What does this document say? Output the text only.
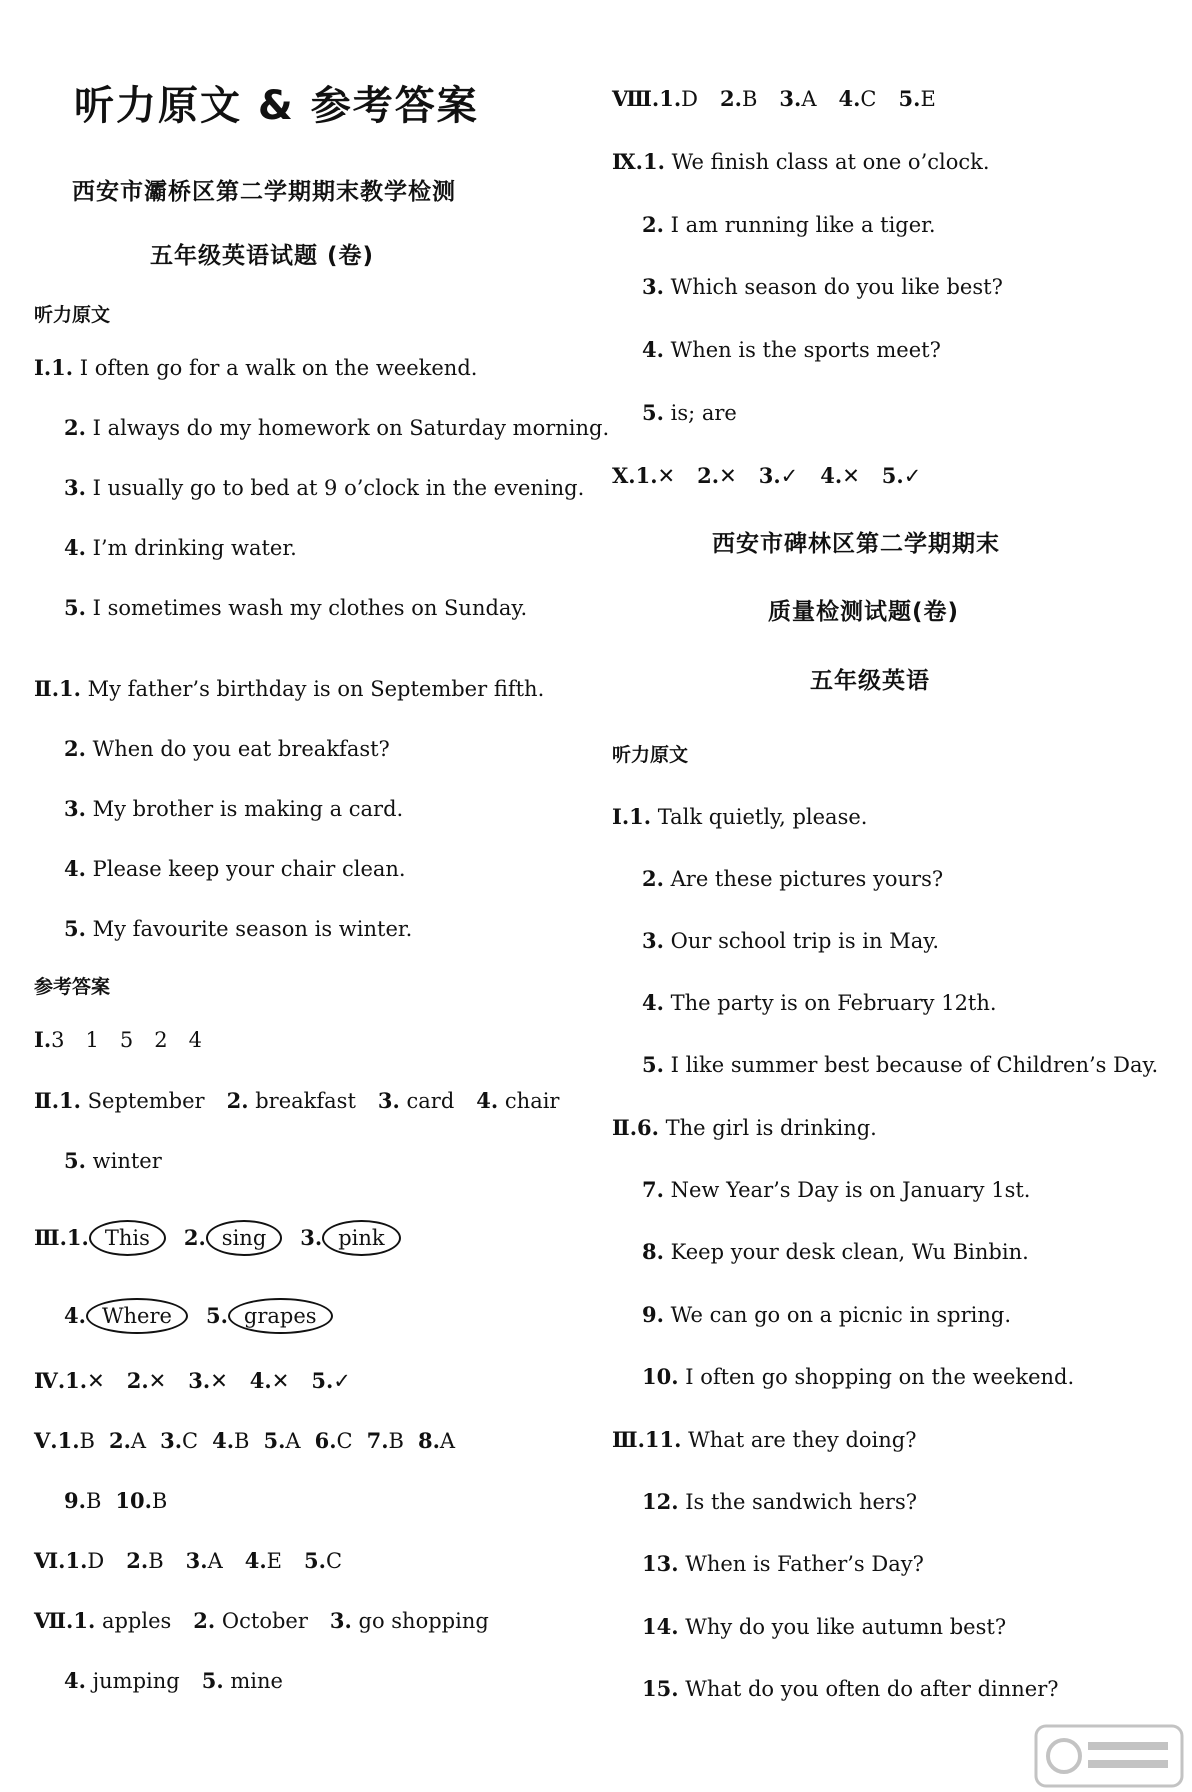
听力原文 & 参考答案
西安市灞桥区第二学期期末教学检测
五年级英语试题 (卷)
听力原文
Ⅰ.1. I often go for a walk on the weekend.
2. I always do my homework on Saturday morning.
3. I usually go to bed at 9 o’clock in the evening.
4. I’m drinking water.
5. I sometimes wash my clothes on Sunday.
Ⅱ.1. My father’s birthday is on September fifth.
2. When do you eat breakfast?
3. My brother is making a card.
4. Please keep your chair clean.
5. My favourite season is winter.
参考答案
Ⅰ.3　1　5　2　4
Ⅱ.1. September 2. breakfast 3. card 4. chair
5. winter
Ⅲ.1. This 2. sing 3. pink
4. Where 5. grapes
Ⅳ.1.✕ 2.✕ 3.✕ 4.✕ 5.✓
Ⅴ.1.B 2.A 3.C 4.B 5.A 6.C 7.B 8.A
9.B 10.B
Ⅵ.1.D 2.B 3.A 4.E 5.C
Ⅶ.1. apples 2. October 3. go shopping
4. jumping 5. mine
Ⅷ.1.D 2.B 3.A 4.C 5.E
Ⅸ.1. We finish class at one o’clock.
2. I am running like a tiger.
3. Which season do you like best?
4. When is the sports meet?
5. is; are
Ⅹ.1.✕ 2.✕ 3.✓ 4.✕ 5.✓
西安市碑林区第二学期期末
质量检测试题(卷)
五年级英语
听力原文
Ⅰ.1. Talk quietly, please.
2. Are these pictures yours?
3. Our school trip is in May.
4. The party is on February 12th.
5. I like summer best because of Children’s Day.
Ⅱ.6. The girl is drinking.
7. New Year’s Day is on January 1st.
8. Keep your desk clean, Wu Binbin.
9. We can go on a picnic in spring.
10. I often go shopping on the weekend.
Ⅲ.11. What are they doing?
12. Is the sandwich hers?
13. When is Father’s Day?
14. Why do you like autumn best?
15. What do you often do after dinner?
